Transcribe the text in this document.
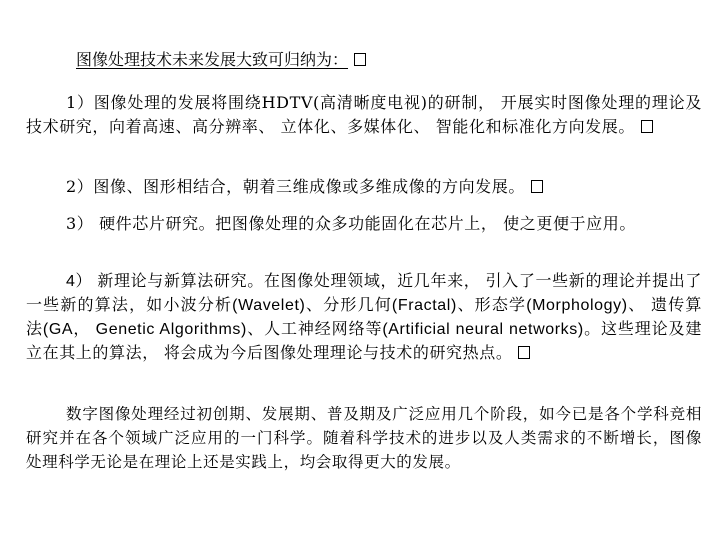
图像处理技术未来发展大致可归纳为：
1）图像处理的发展将围绕HDTV(高清晰度电视)的研制， 开展实时图像处理的理论及技术研究，向着高速、高分辨率、 立体化、多媒体化、 智能化和标准化方向发展。
2）图像、图形相结合，朝着三维成像或多维成像的方向发展。
3） 硬件芯片研究。把图像处理的众多功能固化在芯片上， 使之更便于应用。
4） 新理论与新算法研究。在图像处理领域，近几年来， 引入了一些新的理论并提出了一些新的算法，如小波分析(Wavelet)、分形几何(Fractal)、形态学(Morphology)、 遗传算法(GA， Genetic Algorithms)、人工神经网络等(Artificial neural networks)。这些理论及建立在其上的算法， 将会成为今后图像处理理论与技术的研究热点。
数字图像处理经过初创期、发展期、普及期及广泛应用几个阶段，如今已是各个学科竞相研究并在各个领域广泛应用的一门科学。随着科学技术的进步以及人类需求的不断增长，图像处理科学无论是在理论上还是实践上，均会取得更大的发展。
